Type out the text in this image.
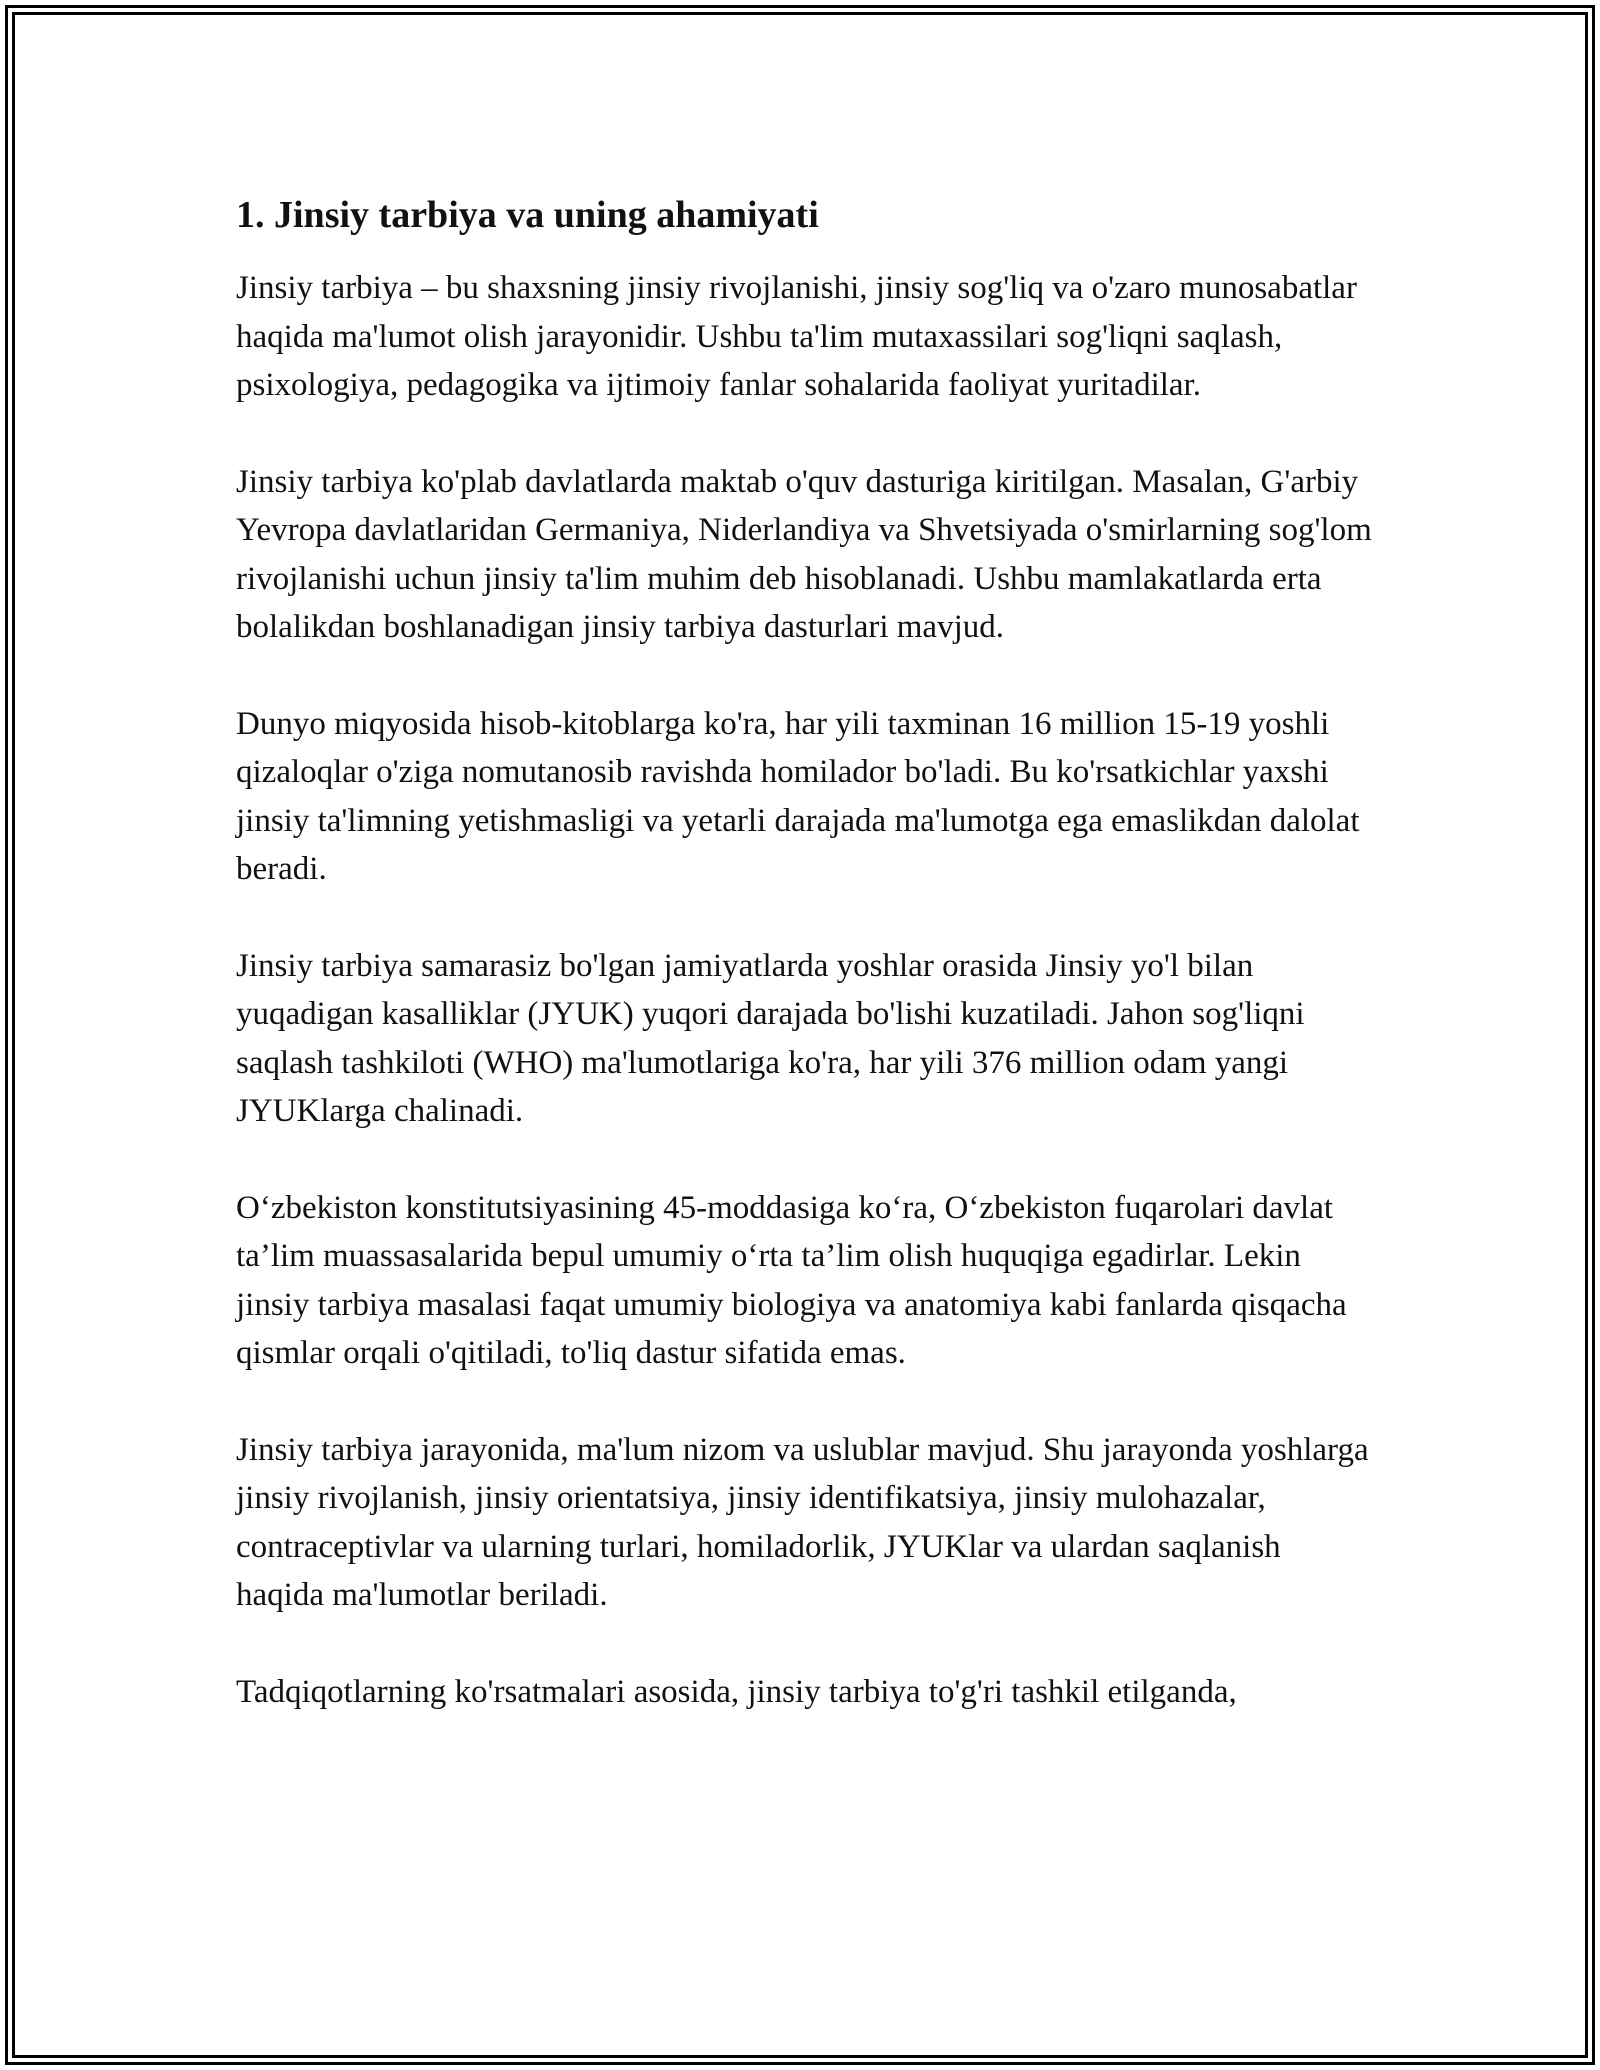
1. Jinsiy tarbiya va uning ahamiyati

Jinsiy tarbiya – bu shaxsning jinsiy rivojlanishi, jinsiy sog'liq va o'zaro munosabatlar haqida ma'lumot olish jarayonidir. Ushbu ta'lim mutaxassilari sog'liqni saqlash, psixologiya, pedagogika va ijtimoiy fanlar sohalarida faoliyat yuritadilar.

Jinsiy tarbiya ko'plab davlatlarda maktab o'quv dasturiga kiritilgan. Masalan, G'arbiy Yevropa davlatlaridan Germaniya, Niderlandiya va Shvetsiyada o'smirlarning sog'lom rivojlanishi uchun jinsiy ta'lim muhim deb hisoblanadi. Ushbu mamlakatlarda erta bolalikdan boshlanadigan jinsiy tarbiya dasturlari mavjud.

Dunyo miqyosida hisob-kitoblarga ko'ra, har yili taxminan 16 million 15-19 yoshli qizaloqlar o'ziga nomutanosib ravishda homilador bo'ladi. Bu ko'rsatkichlar yaxshi jinsiy ta'limning yetishmasligi va yetarli darajada ma'lumotga ega emaslikdan dalolat beradi.

Jinsiy tarbiya samarasiz bo'lgan jamiyatlarda yoshlar orasida Jinsiy yo'l bilan yuqadigan kasalliklar (JYUK) yuqori darajada bo'lishi kuzatiladi. Jahon sog'liqni saqlash tashkiloti (WHO) ma'lumotlariga ko'ra, har yili 376 million odam yangi JYUKlarga chalinadi.

O‘zbekiston konstitutsiyasining 45-moddasiga ko‘ra, O‘zbekiston fuqarolari davlat ta’lim muassasalarida bepul umumiy o‘rta ta’lim olish huquqiga egadirlar. Lekin jinsiy tarbiya masalasi faqat umumiy biologiya va anatomiya kabi fanlarda qisqacha qismlar orqali o'qitiladi, to'liq dastur sifatida emas.

Jinsiy tarbiya jarayonida, ma'lum nizom va uslublar mavjud. Shu jarayonda yoshlarga jinsiy rivojlanish, jinsiy orientatsiya, jinsiy identifikatsiya, jinsiy mulohazalar, contraceptivlar va ularning turlari, homiladorlik, JYUKlar va ulardan saqlanish haqida ma'lumotlar beriladi.

Tadqiqotlarning ko'rsatmalari asosida, jinsiy tarbiya to'g'ri tashkil etilganda,
